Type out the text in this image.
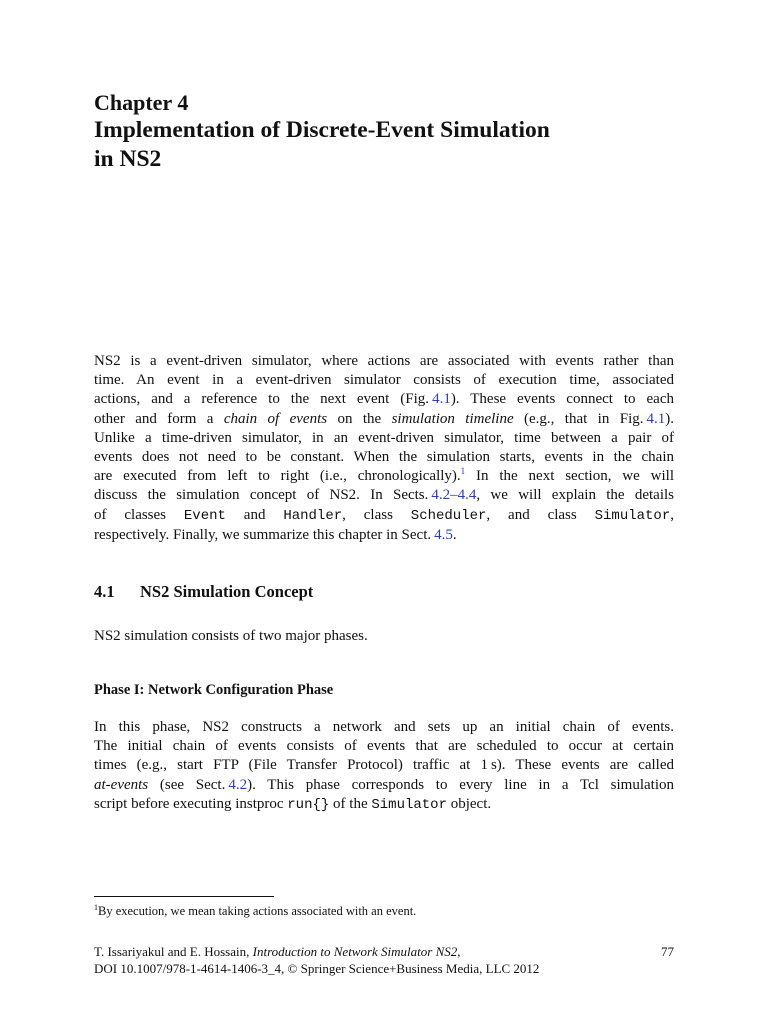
Chapter 4
Implementation of Discrete-Event Simulation
in NS2
NS2 is a event-driven simulator, where actions are associated with events rather than
time. An event in a event-driven simulator consists of execution time, associated
actions, and a reference to the next event (Fig. 4.1). These events connect to each
other and form a chain of events on the simulation timeline (e.g., that in Fig. 4.1).
Unlike a time-driven simulator, in an event-driven simulator, time between a pair of
events does not need to be constant. When the simulation starts, events in the chain
are executed from left to right (i.e., chronologically).$^1$ In the next section, we will
discuss the simulation concept of NS2. In Sects. 4.2–4.4, we will explain the details
of classes Event and Handler, class Scheduler, and class Simulator,
respectively. Finally, we summarize this chapter in Sect. 4.5.
4.1 NS2 Simulation Concept
NS2 simulation consists of two major phases.
Phase I: Network Configuration Phase
In this phase, NS2 constructs a network and sets up an initial chain of events.
The initial chain of events consists of events that are scheduled to occur at certain
times (e.g., start FTP (File Transfer Protocol) traffic at 1 s). These events are called
at-events (see Sect. 4.2). This phase corresponds to every line in a Tcl simulation
script before executing instproc run{} of the Simulator object.
$^1$By execution, we mean taking actions associated with an event.
T. Issariyakul and E. Hossain, Introduction to Network Simulator NS2,
DOI 10.1007/978-1-4614-1406-3_4, © Springer Science+Business Media, LLC 2012
77
